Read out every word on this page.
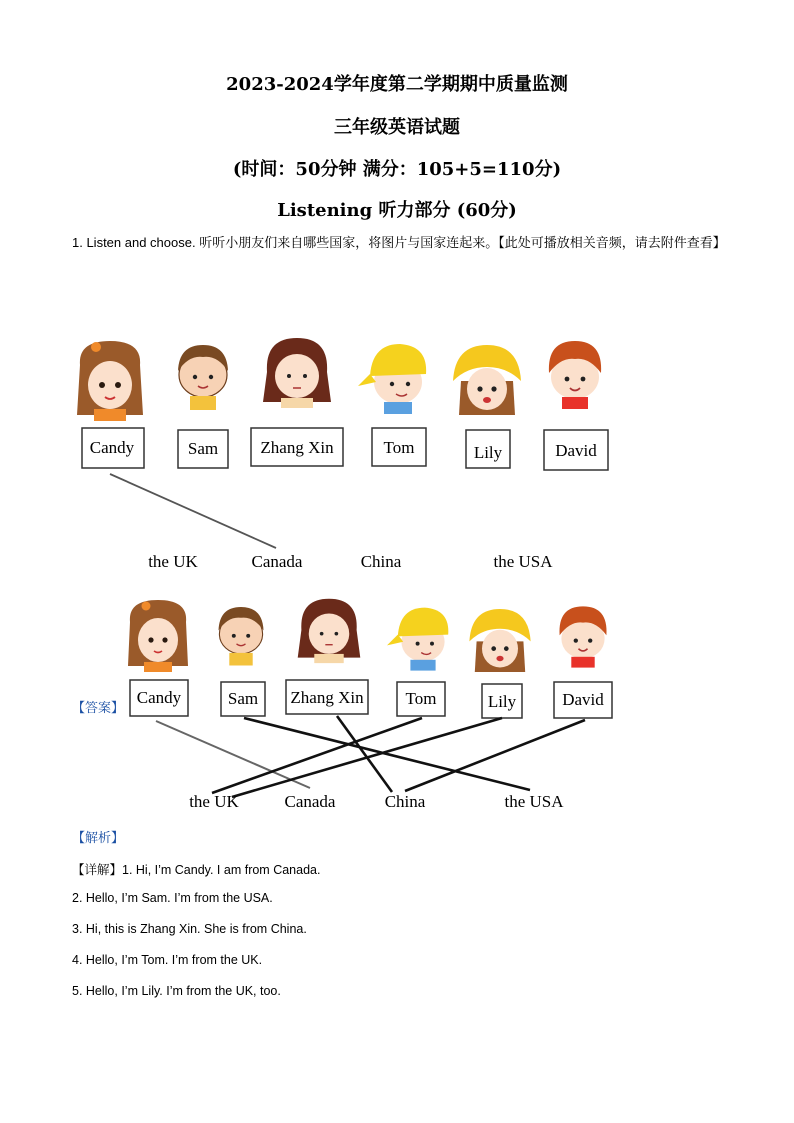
2023-2024学年度第二学期期中质量监测
三年级英语试题
(时间：50分钟 满分：105+5=110分)
Listening 听力部分 (60分)
1. Listen and choose. 听听小朋友们来自哪些国家，将图片与国家连起来。【此处可播放相关音频，请去附件查看】
Candy	Sam Zhang Xin	Tom	Lily	David
the UK	Canada	China	the USA
Candy	Sam Zhang Xin Tom	Lily	David
the UK	Canada	China	the USA
【答案】
【解析】
【详解】1. Hi, I’m Candy. I am from Canada.
2. Hello, I’m Sam. I’m from the USA.
3. Hi, this is Zhang Xin. She is from China.
4. Hello, I’m Tom. I’m from the UK.
5. Hello, I’m Lily. I’m from the UK, too.
